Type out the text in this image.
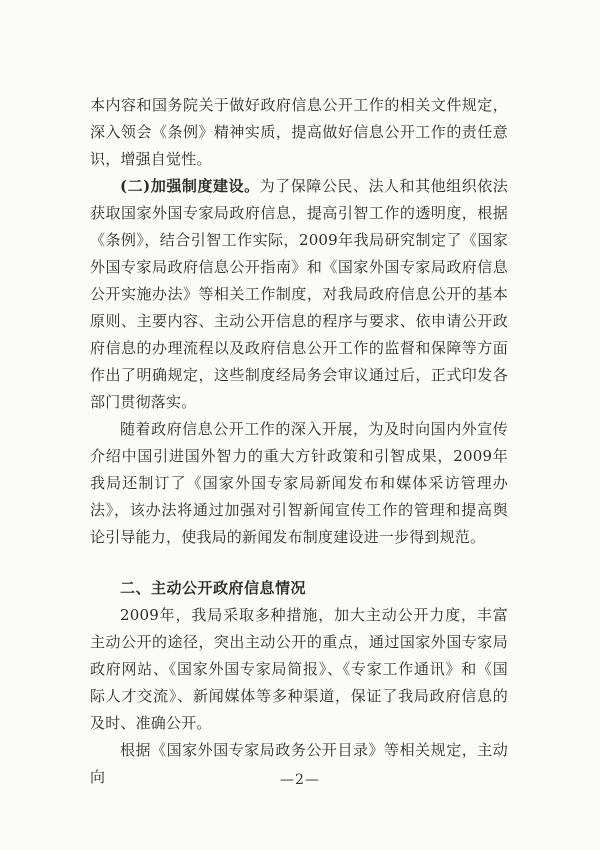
本内容和国务院关于做好政府信息公开工作的相关文件规定，深入领会《条例》精神实质，提高做好信息公开工作的责任意识，增强自觉性。

(二)加强制度建设。为了保障公民、法人和其他组织依法获取国家外国专家局政府信息，提高引智工作的透明度，根据《条例》，结合引智工作实际，2009年我局研究制定了《国家外国专家局政府信息公开指南》和《国家外国专家局政府信息公开实施办法》等相关工作制度，对我局政府信息公开的基本原则、主要内容、主动公开信息的程序与要求、依申请公开政府信息的办理流程以及政府信息公开工作的监督和保障等方面作出了明确规定，这些制度经局务会审议通过后，正式印发各部门贯彻落实。

随着政府信息公开工作的深入开展，为及时向国内外宣传介绍中国引进国外智力的重大方针政策和引智成果，2009年我局还制订了《国家外国专家局新闻发布和媒体采访管理办法》，该办法将通过加强对引智新闻宣传工作的管理和提高舆论引导能力，使我局的新闻发布制度建设进一步得到规范。

二、主动公开政府信息情况

2009年，我局采取多种措施，加大主动公开力度，丰富主动公开的途径，突出主动公开的重点，通过国家外国专家局政府网站、《国家外国专家局简报》、《专家工作通讯》和《国际人才交流》、新闻媒体等多种渠道，保证了我局政府信息的及时、准确公开。

根据《国家外国专家局政务公开目录》等相关规定，主动向	—2—
